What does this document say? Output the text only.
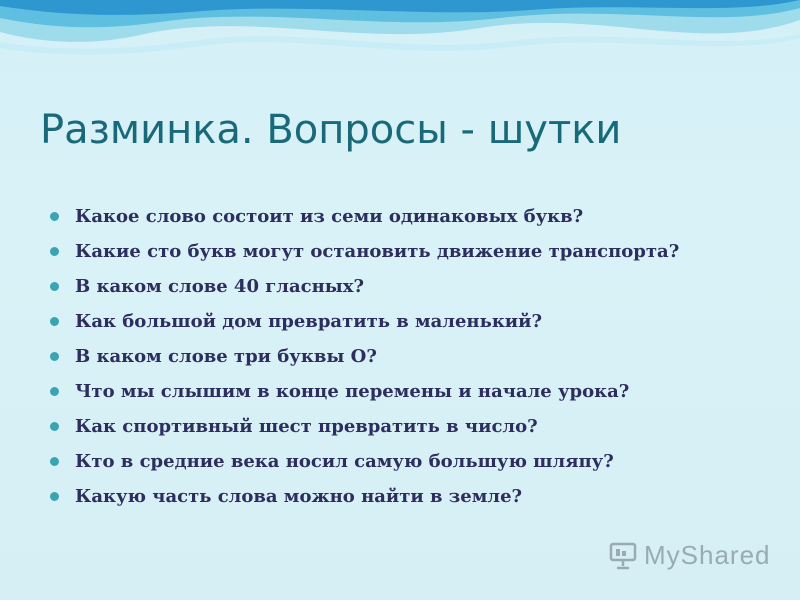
Разминка. Вопросы - шутки
Какое слово состоит из семи одинаковых букв?
Какие сто букв могут остановить движение транспорта?
В каком слове 40 гласных?
Как большой дом превратить в маленький?
В каком слове три буквы О?
Что мы слышим в конце перемены и начале урока?
Как спортивный шест превратить в число?
Кто в средние века носил самую большую шляпу?
Какую часть слова можно найти в земле?
MyShared
